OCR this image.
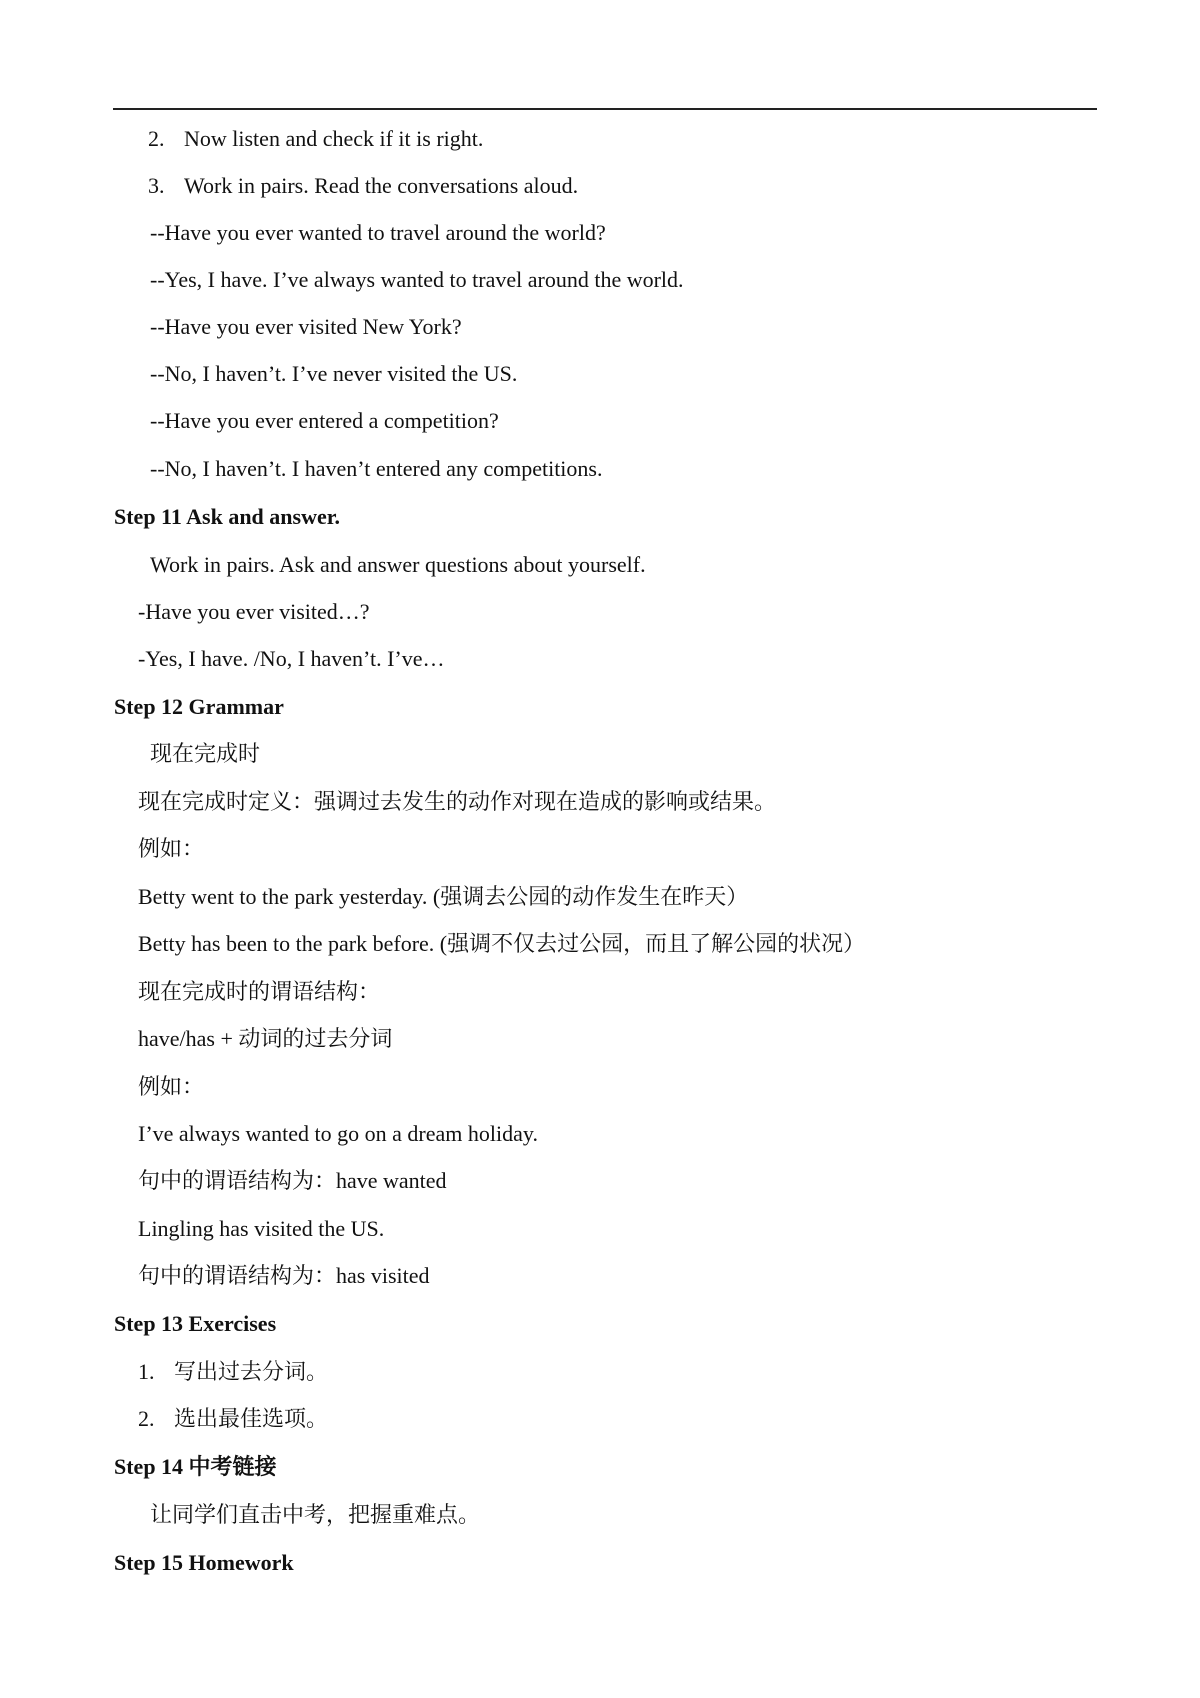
2. Now listen and check if it is right.
3. Work in pairs. Read the conversations aloud.
--Have you ever wanted to travel around the world?
--Yes, I have. I’ve always wanted to travel around the world.
--Have you ever visited New York?
--No, I haven’t. I’ve never visited the US.
--Have you ever entered a competition?
--No, I haven’t. I haven’t entered any competitions.
Step 11 Ask and answer.
Work in pairs. Ask and answer questions about yourself.
-Have you ever visited…?
-Yes, I have. /No, I haven’t. I’ve…
Step 12 Grammar
现在完成时
现在完成时定义：强调过去发生的动作对现在造成的影响或结果。
例如：
Betty went to the park yesterday. (强调去公园的动作发生在昨天）
Betty has been to the park before. (强调不仅去过公园，而且了解公园的状况）
现在完成时的谓语结构：
have/has + 动词的过去分词
例如：
I’ve always wanted to go on a dream holiday.
句中的谓语结构为：have wanted
Lingling has visited the US.
句中的谓语结构为：has visited
Step 13 Exercises
1. 写出过去分词。
2. 选出最佳选项。
Step 14 中考链接
让同学们直击中考，把握重难点。
Step 15 Homework
